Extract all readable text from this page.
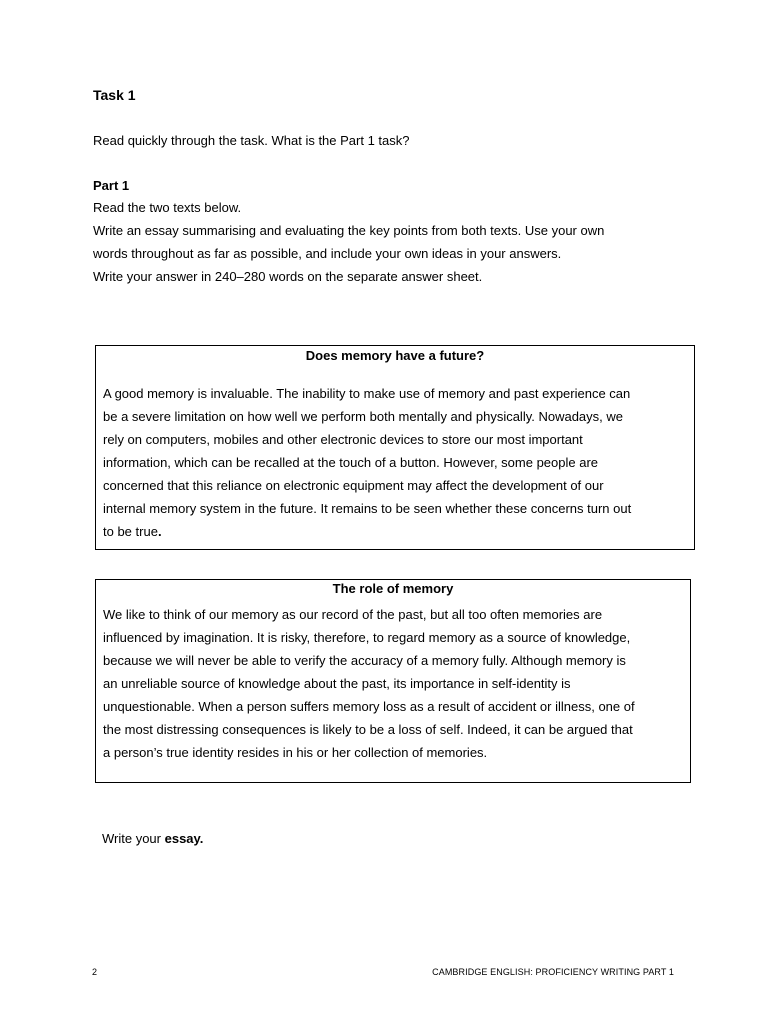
Task 1
Read quickly through the task. What is the Part 1 task?
Part 1
Read the two texts below.
Write an essay summarising and evaluating the key points from both texts. Use your own
words throughout as far as possible, and include your own ideas in your answers.
Write your answer in 240–280 words on the separate answer sheet.
Does memory have a future?
A good memory is invaluable. The inability to make use of memory and past experience can
be a severe limitation on how well we perform both mentally and physically. Nowadays, we
rely on computers, mobiles and other electronic devices to store our most important
information, which can be recalled at the touch of a button. However, some people are
concerned that this reliance on electronic equipment may affect the development of our
internal memory system in the future. It remains to be seen whether these concerns turn out
to be true.
The role of memory
We like to think of our memory as our record of the past, but all too often memories are
influenced by imagination. It is risky, therefore, to regard memory as a source of knowledge,
because we will never be able to verify the accuracy of a memory fully. Although memory is
an unreliable source of knowledge about the past, its importance in self-identity is
unquestionable. When a person suffers memory loss as a result of accident or illness, one of
the most distressing consequences is likely to be a loss of self. Indeed, it can be argued that
a person’s true identity resides in his or her collection of memories.
Write your essay.
2	CAMBRIDGE ENGLISH: PROFICIENCY WRITING PART 1
